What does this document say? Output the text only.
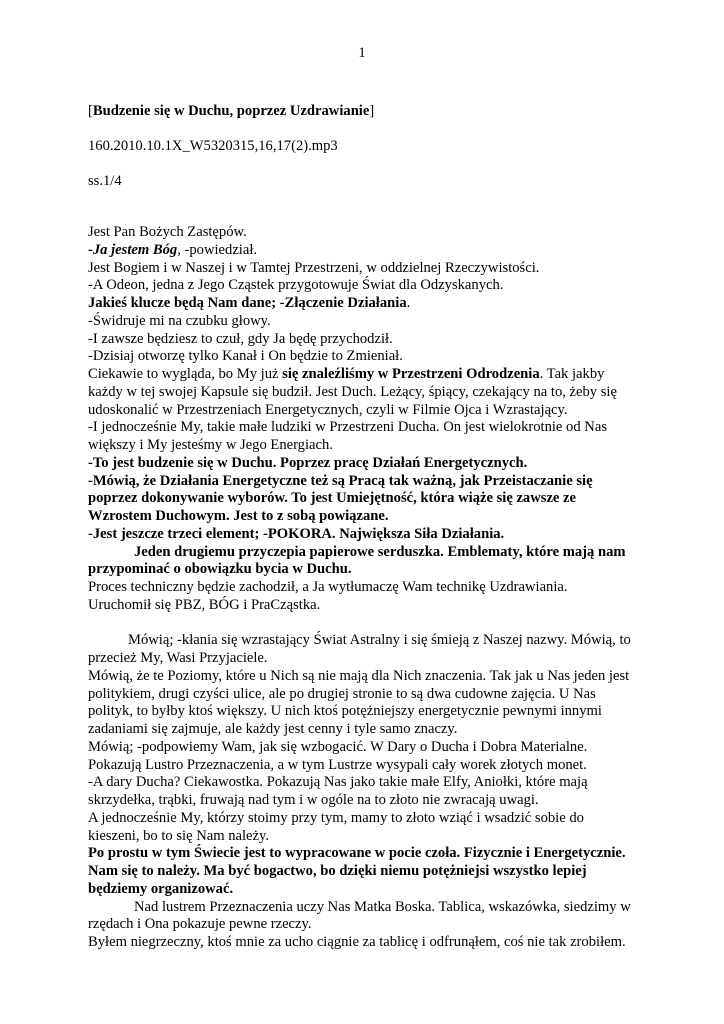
1
[Budzenie się w Duchu, poprzez Uzdrawianie]
160.2010.10.1X_W5320315,16,17(2).mp3
ss.1/4
Jest Pan Bożych Zastępów.
-Ja jestem Bóg, -powiedział.
Jest Bogiem i w Naszej i w Tamtej Przestrzeni, w oddzielnej Rzeczywistości.
-A Odeon, jedna z Jego Cząstek przygotowuje Świat dla Odzyskanych.
Jakieś klucze będą Nam dane; -Złączenie Działania.
-Świdruje mi na czubku głowy.
-I zawsze będziesz to czuł, gdy Ja będę przychodził.
-Dzisiaj otworzę tylko Kanał i On będzie to Zmieniał.
Ciekawie to wygląda, bo My już się znaleźliśmy w Przestrzeni Odrodzenia. Tak jakby
każdy w tej swojej Kapsule się budził. Jest Duch. Leżący, śpiący, czekający na to, żeby się
udoskonalić w Przestrzeniach Energetycznych, czyli w Filmie Ojca i Wzrastający.
-I jednocześnie My, takie małe ludziki w Przestrzeni Ducha. On jest wielokrotnie od Nas
większy i My jesteśmy w Jego Energiach.
-To jest budzenie się w Duchu. Poprzez pracę Działań Energetycznych.
-Mówią, że Działania Energetyczne też są Pracą tak ważną, jak Przeistaczanie się
poprzez dokonywanie wyborów. To jest Umiejętność, która wiąże się zawsze ze
Wzrostem Duchowym. Jest to z sobą powiązane.
-Jest jeszcze trzeci element; -POKORA. Największa Siła Działania.
Jeden drugiemu przyczepia papierowe serduszka. Emblematy, które mają nam
przypominać o obowiązku bycia w Duchu.
Proces techniczny będzie zachodził, a Ja wytłumaczę Wam technikę Uzdrawiania.
Uruchomił się PBZ, BÓG i PraCząstka.
Mówią; -kłania się wzrastający Świat Astralny i się śmieją z Naszej nazwy. Mówią, to
przecież My, Wasi Przyjaciele.
Mówią, że te Poziomy, które u Nich są nie mają dla Nich znaczenia. Tak jak u Nas jeden jest
politykiem, drugi czyści ulice, ale po drugiej stronie to są dwa cudowne zajęcia. U Nas
polityk, to byłby ktoś większy. U nich ktoś potężniejszy energetycznie pewnymi innymi
zadaniami się zajmuje, ale każdy jest cenny i tyle samo znaczy.
Mówią; -podpowiemy Wam, jak się wzbogacić. W Dary o Ducha i Dobra Materialne.
Pokazują Lustro Przeznaczenia, a w tym Lustrze wysypali cały worek złotych monet.
-A dary Ducha? Ciekawostka. Pokazują Nas jako takie małe Elfy, Aniołki, które mają
skrzydełka, trąbki, fruwają nad tym i w ogóle na to złoto nie zwracają uwagi.
A jednocześnie My, którzy stoimy przy tym, mamy to złoto wziąć i wsadzić sobie do
kieszeni, bo to się Nam należy.
Po prostu w tym Świecie jest to wypracowane w pocie czoła. Fizycznie i Energetycznie.
Nam się to należy. Ma być bogactwo, bo dzięki niemu potężniejsi wszystko lepiej
będziemy organizować.
Nad lustrem Przeznaczenia uczy Nas Matka Boska. Tablica, wskazówka, siedzimy w
rzędach i Ona pokazuje pewne rzeczy.
Byłem niegrzeczny, ktoś mnie za ucho ciągnie za tablicę i odfrunąłem, coś nie tak zrobiłem.
